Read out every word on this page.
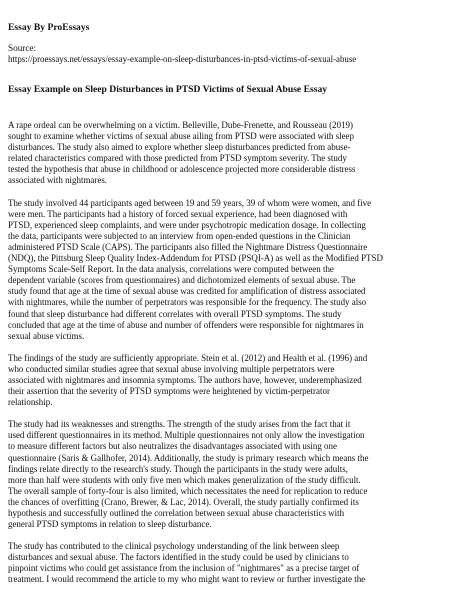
Essay By ProEssays
Source:
https://proessays.net/essays/essay-example-on-sleep-disturbances-in-ptsd-victims-of-sexual-abuse
Essay Example on Sleep Disturbances in PTSD Victims of Sexual Abuse Essay
A rape ordeal can be overwhelming on a victim. Belleville, Dube-Frenette, and Rousseau (2019)
sought to examine whether victims of sexual abuse ailing from PTSD were associated with sleep
disturbances. The study also aimed to explore whether sleep disturbances predicted from abuse-
related characteristics compared with those predicted from PTSD symptom severity. The study
tested the hypothesis that abuse in childhood or adolescence projected more considerable distress
associated with nightmares.
The study involved 44 participants aged between 19 and 59 years, 39 of whom were women, and five
were men. The participants had a history of forced sexual experience, had been diagnosed with
PTSD, experienced sleep complaints, and were under psychotropic medication dosage. In collecting
the data, participants were subjected to an interview from open-ended questions in the Clinician
administered PTSD Scale (CAPS). The participants also filled the Nightmare Distress Questionnaire
(NDQ), the Pittsburg Sleep Quality Index-Addendum for PTSD (PSQI-A) as well as the Modified PTSD
Symptoms Scale-Self Report. In the data analysis, correlations were computed between the
dependent variable (scores from questionnaires) and dichotomized elements of sexual abuse. The
study found that age at the time of sexual abuse was credited for amplification of distress associated
with nightmares, while the number of perpetrators was responsible for the frequency. The study also
found that sleep disturbance had different correlates with overall PTSD symptoms. The study
concluded that age at the time of abuse and number of offenders were responsible for nightmares in
sexual abuse victims.
The findings of the study are sufficiently appropriate. Stein et al. (2012) and Health et al. (1996) and
who conducted similar studies agree that sexual abuse involving multiple perpetrators were
associated with nightmares and insomnia symptoms. The authors have, however, underemphasized
their assertion that the severity of PTSD symptoms were heightened by victim-perpetrator
relationship.
The study had its weaknesses and strengths. The strength of the study arises from the fact that it
used different questionnaires in its method. Multiple questionnaires not only allow the investigation
to measure different factors but also neutralizes the disadvantages associated with using one
questionnaire (Saris & Gallhofer, 2014). Additionally, the study is primary research which means the
findings relate directly to the research's study. Though the participants in the study were adults,
more than half were students with only five men which makes generalization of the study difficult.
The overall sample of forty-four is also limited, which necessitates the need for replication to reduce
the chances of overfitting (Crano, Brewer, & Lac, 2014). Overall, the study partially confirmed its
hypothesis and successfully outlined the correlation between sexual abuse characteristics with
general PTSD symptoms in relation to sleep disturbance.
The study has contributed to the clinical psychology understanding of the link between sleep
disturbances and sexual abuse. The factors identified in the study could be used by clinicians to
pinpoint victims who could get assistance from the inclusion of "nightmares" as a precise target of
treatment. I would recommend the article to my who might want to review or further investigate the
